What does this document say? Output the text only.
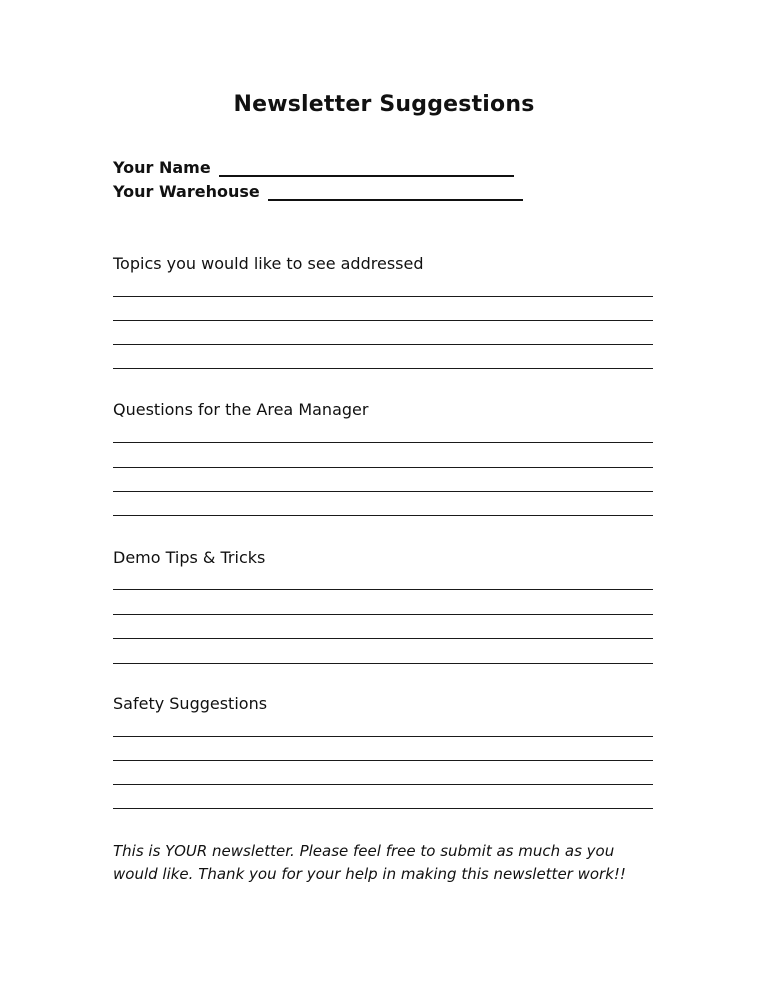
Newsletter Suggestions
Your Name
Your Warehouse
Topics you would like to see addressed
Questions for the Area Manager
Demo Tips & Tricks
Safety Suggestions
This is YOUR newsletter. Please feel free to submit as much as you
would like. Thank you for your help in making this newsletter work!!
